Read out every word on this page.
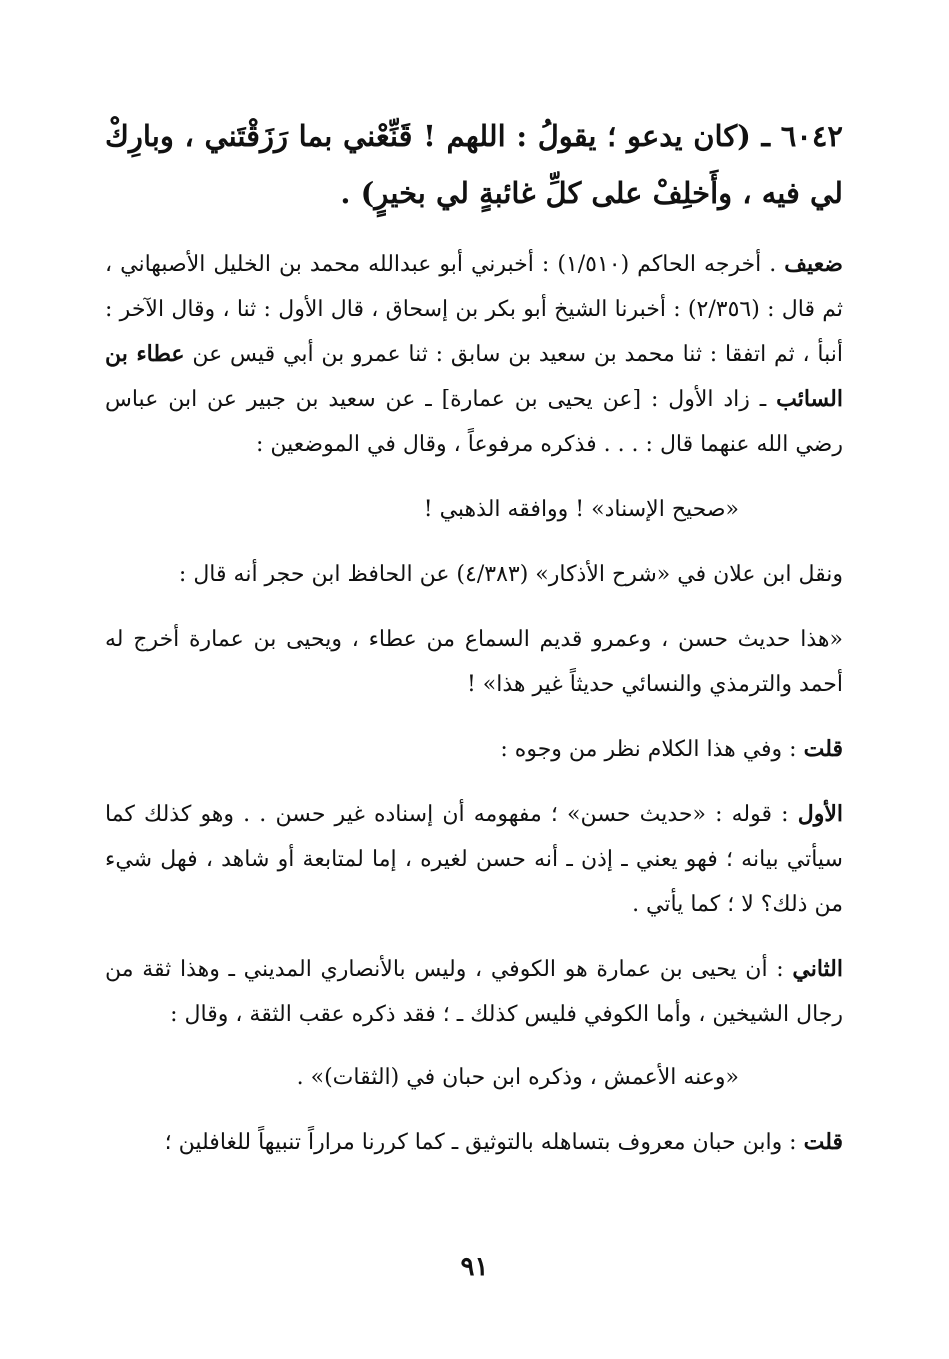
٦٠٤٢ ـ (كان يدعو ؛ يقولُ : اللهم ! قَنِّعْني بما رَزَقْتَني ، وبارِكْ لي فيه ، وأَخلِفْ على كلِّ غائبةٍ لي بخيرٍ) .

ضعيف . أخرجه الحاكم (١/٥١٠) : أخبرني أبو عبدالله محمد بن الخليل الأصبهاني ، ثم قال : (٢/٣٥٦) : أخبرنا الشيخ أبو بكر بن إسحاق ، قال الأول : ثنا ، وقال الآخر : أنبأ ، ثم اتفقا : ثنا محمد بن سعيد بن سابق : ثنا عمرو بن أبي قيس عن عطاء بن السائب ـ زاد الأول : [عن يحيى بن عمارة] ـ عن سعيد بن جبير عن ابن عباس رضي الله عنهما قال : . . . فذكره مرفوعاً ، وقال في الموضعين :

«صحيح الإسناد» ! ووافقه الذهبي !

ونقل ابن علان في «شرح الأذكار» (٤/٣٨٣) عن الحافظ ابن حجر أنه قال :

«هذا حديث حسن ، وعمرو قديم السماع من عطاء ، ويحيى بن عمارة أخرج له أحمد والترمذي والنسائي حديثاً غير هذا» !

قلت : وفي هذا الكلام نظر من وجوه :

الأول : قوله : «حديث حسن» ؛ مفهومه أن إسناده غير حسن . . وهو كذلك كما سيأتي بيانه ؛ فهو يعني ـ إذن ـ أنه حسن لغيره ، إما لمتابعة أو شاهد ، فهل شيء من ذلك؟ لا ؛ كما يأتي .

الثاني : أن يحيى بن عمارة هو الكوفي ، وليس بالأنصاري المديني ـ وهذا ثقة من رجال الشيخين ، وأما الكوفي فليس كذلك ـ ؛ فقد ذكره عقب الثقة ، وقال :

«وعنه الأعمش ، وذكره ابن حبان في (الثقات)» .

قلت : وابن حبان معروف بتساهله بالتوثيق ـ كما كررنا مراراً تنبيهاً للغافلين ؛

٩١
